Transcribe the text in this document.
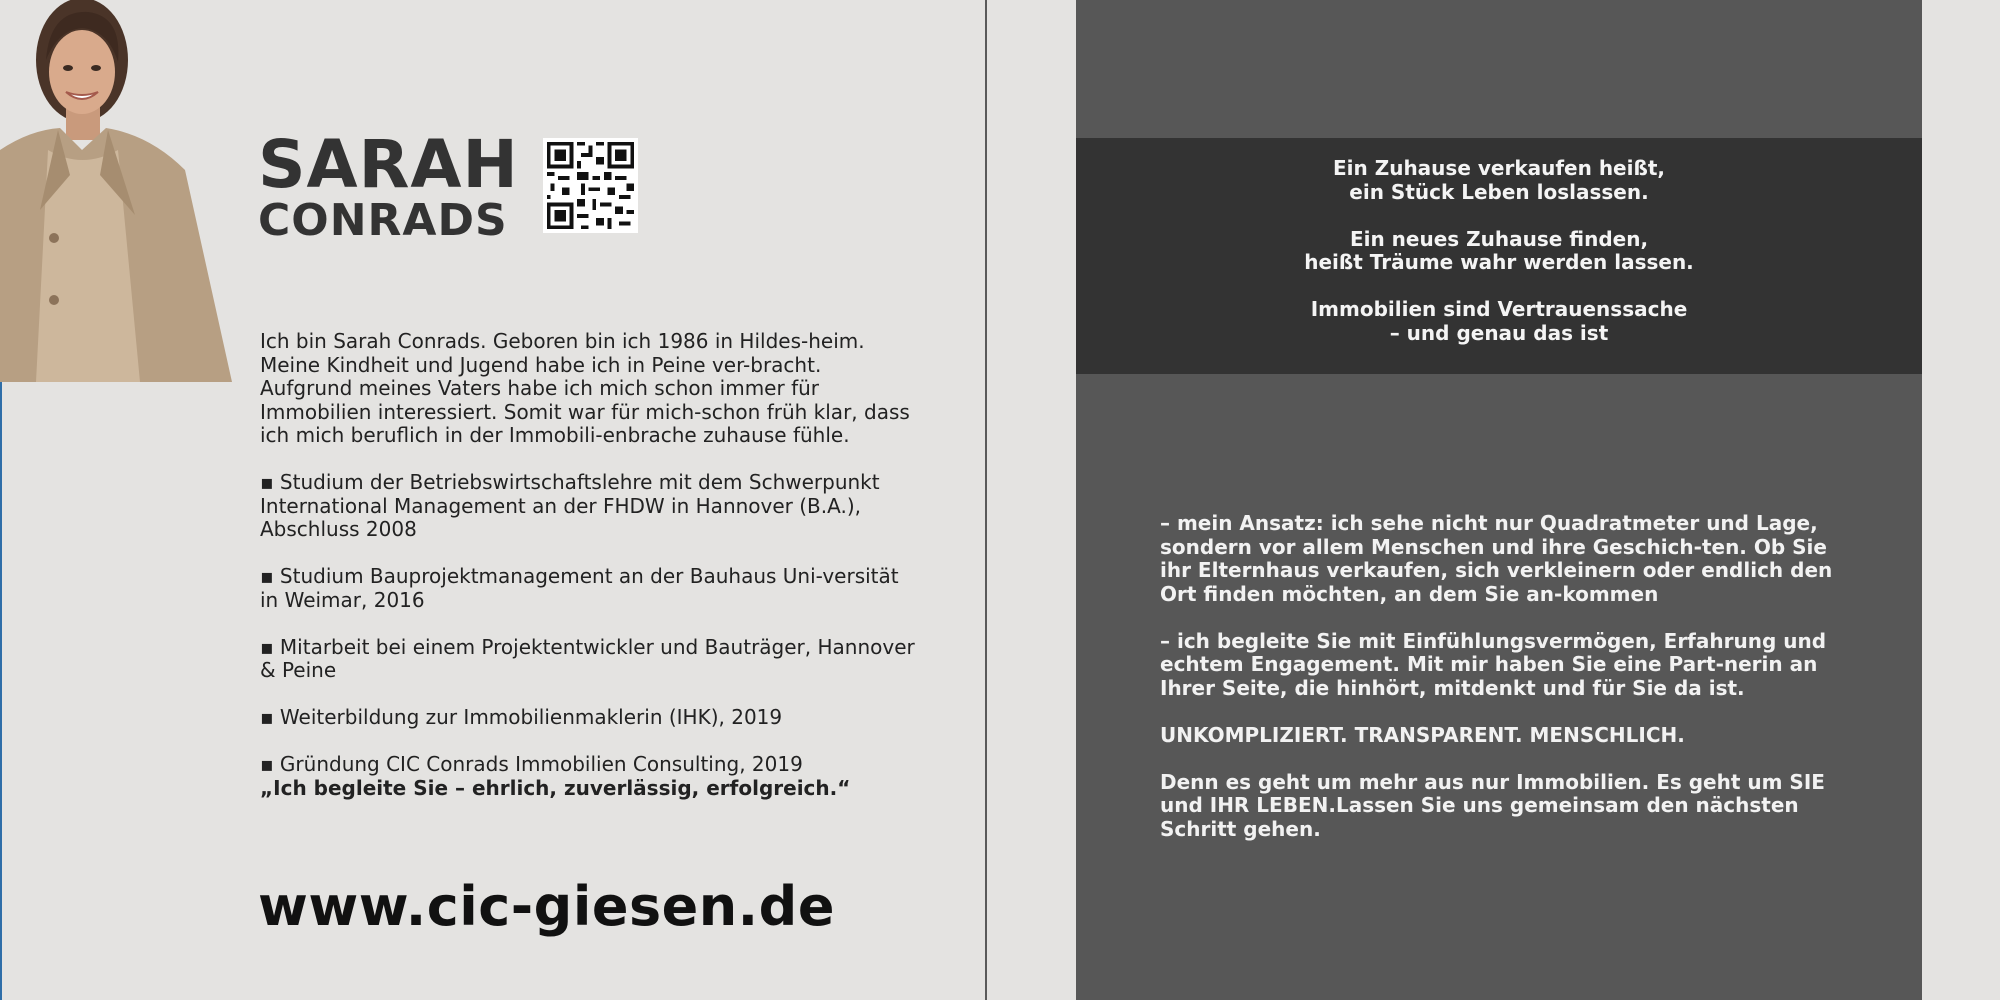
SARAH
CONRADS

Ich bin Sarah Conrads. Geboren bin ich 1986 in Hildes-heim. Meine Kindheit und Jugend habe ich in Peine ver-bracht. Aufgrund meines Vaters habe ich mich schon immer für Immobilien interessiert. Somit war für mich-schon früh klar, dass ich mich beruflich in der Immobili-enbrache zuhause fühle.

▪ Studium der Betriebswirtschaftslehre mit dem Schwerpunkt International Management an der FHDW in Hannover (B.A.), Abschluss 2008

▪ Studium Bauprojektmanagement an der Bauhaus Uni-versität in Weimar, 2016

▪ Mitarbeit bei einem Projektentwickler und Bauträger, Hannover & Peine

▪ Weiterbildung zur Immobilienmaklerin (IHK), 2019

▪ Gründung CIC Conrads Immobilien Consulting, 2019

„Ich begleite Sie – ehrlich, zuverlässig, erfolgreich.“

www.cic-giesen.de

Ein Zuhause verkaufen heißt,
ein Stück Leben loslassen.

Ein neues Zuhause finden,
heißt Träume wahr werden lassen.

Immobilien sind Vertrauenssache
– und genau das ist

– mein Ansatz: ich sehe nicht nur Quadratmeter und Lage, sondern vor allem Menschen und ihre Geschich-ten. Ob Sie ihr Elternhaus verkaufen, sich verkleinern oder endlich den Ort finden möchten, an dem Sie an-kommen

– ich begleite Sie mit Einfühlungsvermögen, Erfahrung und echtem Engagement. Mit mir haben Sie eine Part-nerin an Ihrer Seite, die hinhört, mitdenkt und für Sie da ist.

UNKOMPLIZIERT. TRANSPARENT. MENSCHLICH.

Denn es geht um mehr aus nur Immobilien. Es geht um SIE und IHR LEBEN.Lassen Sie uns gemeinsam den nächsten Schritt gehen.
